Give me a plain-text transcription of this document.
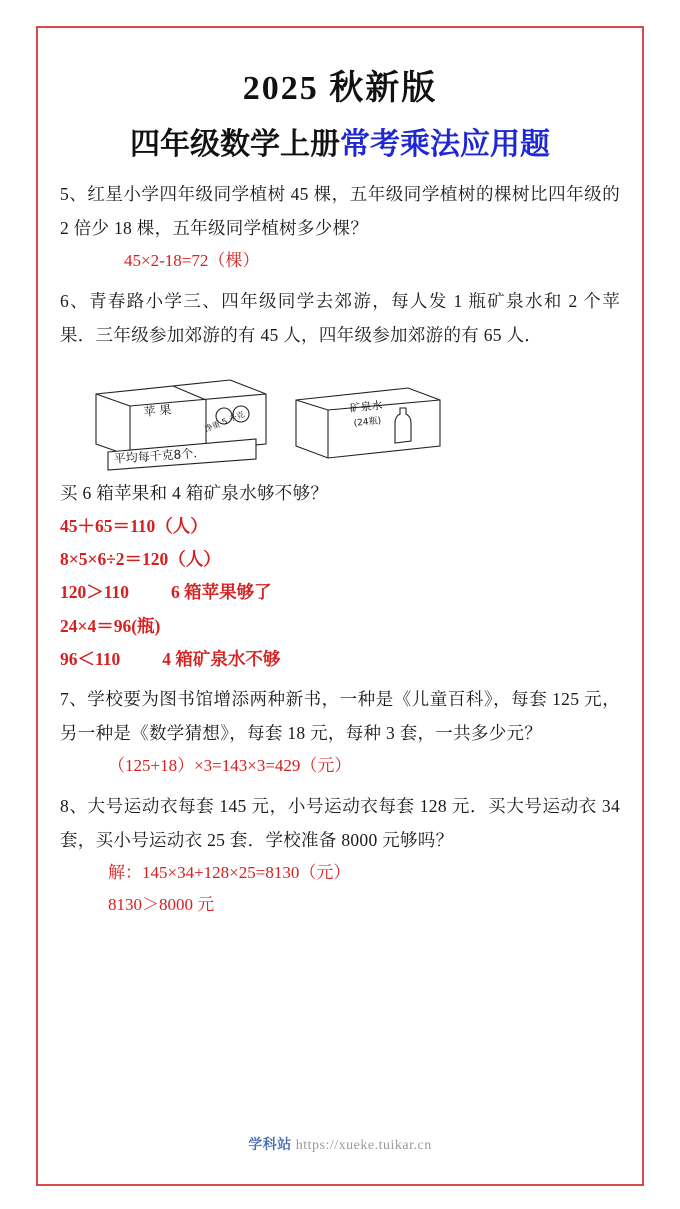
2025 秋新版
四年级数学上册常考乘法应用题
5、红星小学四年级同学植树 45 棵，五年级同学植树的棵树比四年级的 2 倍少 18 棵，五年级同学植树多少棵？
45×2-18=72（棵）
6、青春路小学三、四年级同学去郊游，每人发 1 瓶矿泉水和 2 个苹果．三年级参加郊游的有 45 人，四年级参加郊游的有 65 人．
苹 果	净重 5 千克
平均每千克8个.
矿泉水
(24瓶)
买 6 箱苹果和 4 箱矿泉水够不够？
45＋65＝110（人）
8×5×6÷2＝120（人）
120＞110 6 箱苹果够了
24×4＝96(瓶)
96＜110 4 箱矿泉水不够
7、学校要为图书馆增添两种新书，一种是《儿童百科》，每套 125 元，另一种是《数学猜想》，每套 18 元，每种 3 套，一共多少元？
（125+18）×3=143×3=429（元）
8、大号运动衣每套 145 元，小号运动衣每套 128 元．买大号运动衣 34 套，买小号运动衣 25 套．学校准备 8000 元够吗？
解：145×34+128×25=8130（元）
8130＞8000 元
学科站 https://xueke.tuikar.cn
